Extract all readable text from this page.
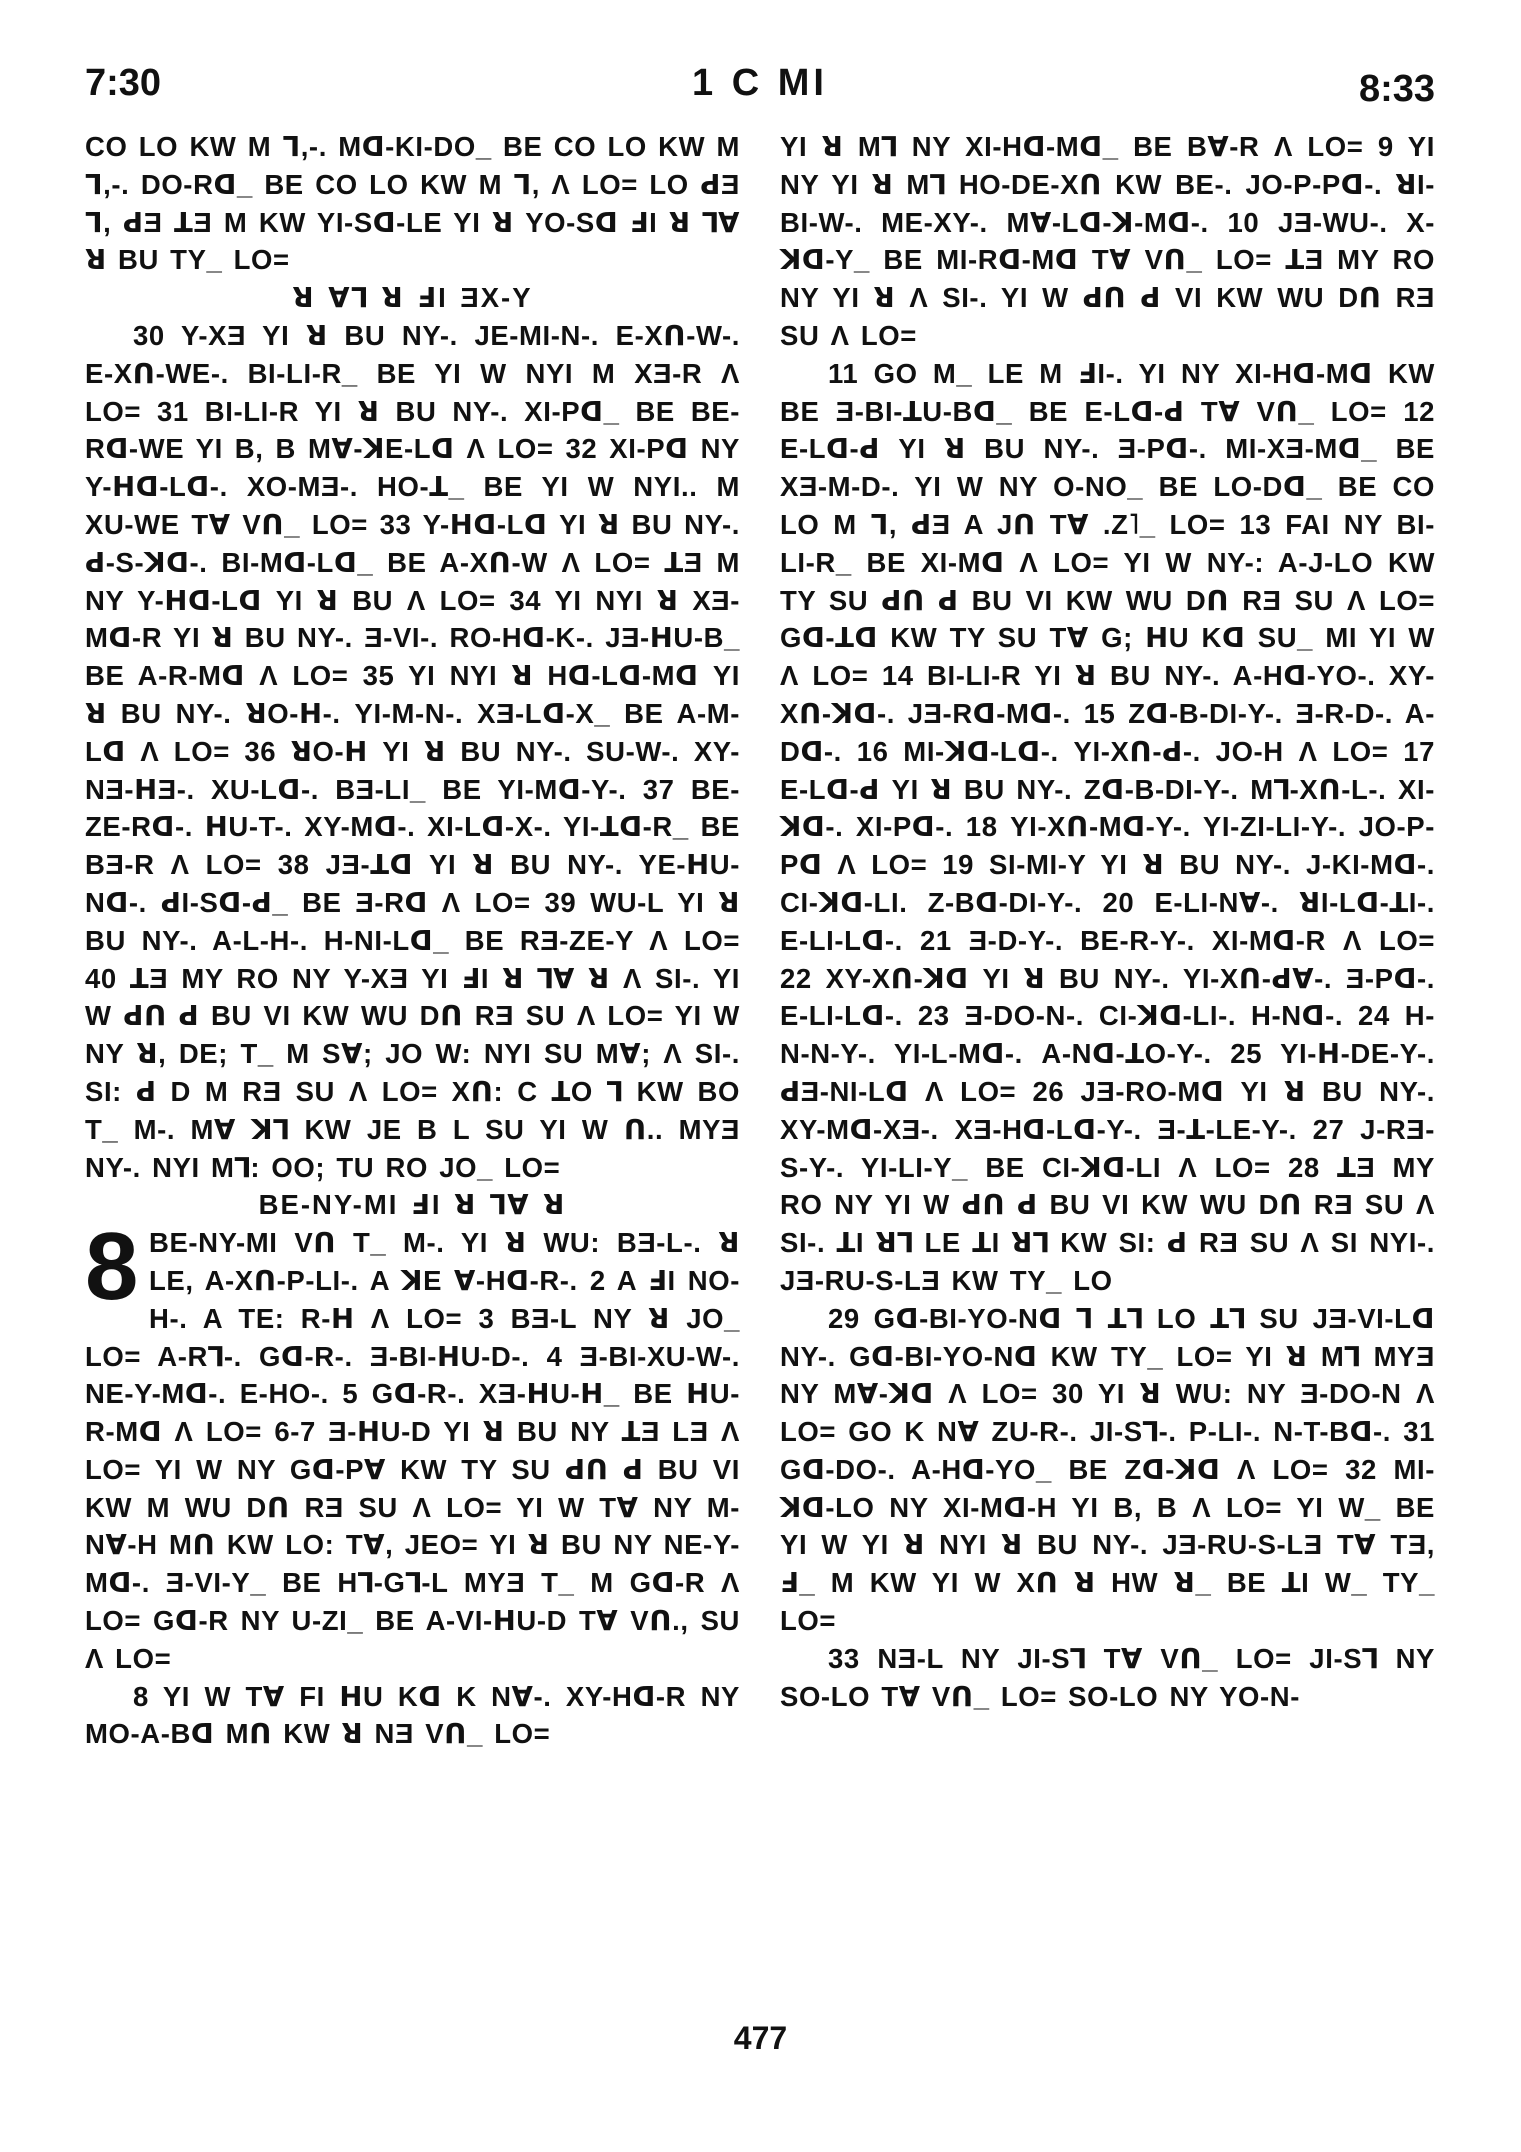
7:30	1 C MI	8:33

CO LO KW M Ꞁ,-. Mꓷ-KI-DO_ BE CO LO KW M Ꞁ,-. DO-Rꓷ_ BE CO LO KW M Ꞁ, Λ LO= LO ꓒƎ Ꞁ, ꓒƎ ꓕƎ M KW YI-Sꓷ-LE YI ꓤ YO-Sꓷ ꓞI ꓤ ꓶⱯ ꓤ BU TY_ LO=

ꓤ Ɐꓶ ꓤ ꓞI ƎX-Y

30 Y-XƎ YI ꓤ BU NY-. JE-MI-N-. E-Xꓵ-W-. E-Xꓵ-WE-. BI-LI-R_ BE YI W NYI M XƎ-R Λ LO= 31 BI-LI-R YI ꓤ BU NY-. XI-Pꓷ_ BE BE-Rꓷ-WE YI B, B MⱯ-ꓘE-Lꓷ Λ LO= 32 XI-Pꓷ NY Y-ꓧꓷ-Lꓷ-. XO-MƎ-. HO-ꓕ_ BE YI W NYI.. M XU-WE TⱯ Vꓵ_ LO= 33 Y-ꓧꓷ-Lꓷ YI ꓤ BU NY-. ꓒ-S-ꓘꓷ-. BI-Mꓷ-Lꓷ_ BE A-Xꓵ-W Λ LO= ꓕƎ M NY Y-ꓧꓷ-Lꓷ YI ꓤ BU Λ LO= 34 YI NYI ꓤ XƎ-Mꓷ-R YI ꓤ BU NY-. Ǝ-VI-. RO-Hꓷ-K-. JƎ-ꓧU-B_ BE A-R-Mꓷ Λ LO= 35 YI NYI ꓤ Hꓷ-Lꓷ-Mꓷ YI ꓤ BU NY-. ꓤO-ꓧ-. YI-M-N-. XƎ-Lꓷ-X_ BE A-M-Lꓷ Λ LO= 36 ꓤO-ꓧ YI ꓤ BU NY-. SU-W-. XY-NƎ-ꓧƎ-. XU-Lꓷ-. BƎ-LI_ BE YI-Mꓷ-Y-. 37 BE-ZE-Rꓷ-. ꓧU-T-. XY-Mꓷ-. XI-Lꓷ-X-. YI-ꓕꓷ-R_ BE BƎ-R Λ LO= 38 JƎ-ꓕꓷ YI ꓤ BU NY-. YE-ꓧU-Nꓷ-. ꓒI-Sꓷ-ꓒ_ BE Ǝ-Rꓷ Λ LO= 39 WU-L YI ꓤ BU NY-. A-L-H-. H-NI-Lꓷ_ BE RƎ-ZE-Y Λ LO= 40 ꓕƎ MY RO NY Y-XƎ YI ꓞI ꓤ ꓶⱯ ꓤ Λ SI-. YI W ꓒꓵ ꓒ BU VI KW WU Dꓵ RƎ SU Λ LO= YI W NY ꓤ, DE; T_ M SⱯ; JO W: NYI SU MⱯ; Λ SI-. SI: ꓒ D M RƎ SU Λ LO= Xꓵ: C ꓕO ꓶ KW BO T_ M-. MⱯ ꓘꓶ KW JE B L SU YI W ꓵ.. MYƎ NY-. NYI Mꓶ: OO; TU RO JO_ LO=

BE-NY-MI ꓞI ꓤ ꓶⱯ ꓤ

8 BE-NY-MI Vꓵ T_ M-. YI ꓤ WU: BƎ-L-. ꓤ LE, A-Xꓵ-P-LI-. A ꓘE Ɐ-Hꓷ-R-. 2 A ꓞI NO-H-. A TE: R-ꓧ Λ LO= 3 BƎ-L NY ꓤ JO_ LO= A-Rꓶ-. Gꓷ-R-. Ǝ-BI-ꓧU-D-. 4 Ǝ-BI-XU-W-. NE-Y-Mꓷ-. E-HO-. 5 Gꓷ-R-. XƎ-ꓧU-ꓧ_ BE ꓧU-R-Mꓷ Λ LO= 6-7 Ǝ-ꓧU-D YI ꓤ BU NY ꓕƎ LƎ Λ LO= YI W NY Gꓷ-PⱯ KW TY SU ꓒꓵ ꓒ BU VI KW M WU Dꓵ RƎ SU Λ LO= YI W TⱯ NY M-NⱯ-H Mꓵ KW LO: TⱯ, JEO= YI ꓤ BU NY NE-Y-Mꓷ-. Ǝ-VI-Y_ BE Hꓶ-Gꓶ-L MYƎ T_ M Gꓷ-R Λ LO= Gꓷ-R NY U-ZI_ BE A-VI-ꓧU-D TⱯ Vꓵ., SU Λ LO=

8 YI W TⱯ FI ꓧU Kꓷ K NⱯ-. XY-Hꓷ-R NY MO-A-Bꓷ Mꓵ KW ꓤ NƎ Vꓵ_ LO=

YI ꓤ Mꓶ NY XI-Hꓷ-Mꓷ_ BE BⱯ-R Λ LO= 9 YI NY YI ꓤ Mꓶ HO-DE-Xꓵ KW BE-. JO-P-Pꓷ-. ꓤI-BI-W-. ME-XY-. MⱯ-Lꓷ-ꓘ-Mꓷ-. 10 JƎ-WU-. X-ꓘꓷ-Y_ BE MI-Rꓷ-Mꓷ TⱯ Vꓵ_ LO= ꓕƎ MY RO NY YI ꓤ Λ SI-. YI W ꓒꓵ ꓒ VI KW WU Dꓵ RƎ SU Λ LO=

11 GO M_ LE M ꓞI-. YI NY XI-Hꓷ-Mꓷ KW BE Ǝ-BI-ꓕU-Bꓷ_ BE E-Lꓷ-ꓒ TⱯ Vꓵ_ LO= 12 E-Lꓷ-ꓒ YI ꓤ BU NY-. Ǝ-Pꓷ-. MI-XƎ-Mꓷ_ BE XƎ-M-D-. YI W NY O-NO_ BE LO-Dꓷ_ BE CO LO M Ꞁ, ꓒƎ A Jꓵ TⱯ .Z˥_ LO= 13 FAI NY BI-LI-R_ BE XI-Mꓷ Λ LO= YI W NY-: A-J-LO KW TY SU ꓒꓵ ꓒ BU VI KW WU Dꓵ RƎ SU Λ LO= Gꓷ-ꓕꓷ KW TY SU TⱯ G; ꓧU Kꓷ SU_ MI YI W Λ LO= 14 BI-LI-R YI ꓤ BU NY-. A-Hꓷ-YO-. XY-Xꓵ-ꓘꓷ-. JƎ-Rꓷ-Mꓷ-. 15 Zꓷ-B-DI-Y-. Ǝ-R-D-. A-Dꓷ-. 16 MI-ꓘꓷ-Lꓷ-. YI-Xꓵ-ꓒ-. JO-H Λ LO= 17 E-Lꓷ-ꓒ YI ꓤ BU NY-. Zꓷ-B-DI-Y-. Mꓶ-Xꓵ-L-. XI-ꓘꓷ-. XI-Pꓷ-. 18 YI-Xꓵ-Mꓷ-Y-. YI-ZI-LI-Y-. JO-P-Pꓷ Λ LO= 19 SI-MI-Y YI ꓤ BU NY-. J-KI-Mꓷ-. CI-ꓘꓷ-LI. Z-Bꓷ-DI-Y-. 20 E-LI-NⱯ-. ꓤI-Lꓷ-ꓕI-. E-LI-Lꓷ-. 21 Ǝ-D-Y-. BE-R-Y-. XI-Mꓷ-R Λ LO= 22 XY-Xꓵ-ꓘꓷ YI ꓤ BU NY-. YI-Xꓵ-ꓒⱯ-. Ǝ-Pꓷ-. E-LI-Lꓷ-. 23 Ǝ-DO-N-. CI-ꓘꓷ-LI-. H-Nꓷ-. 24 H-N-N-Y-. YI-L-Mꓷ-. A-Nꓷ-ꓕO-Y-. 25 YI-ꓧ-DE-Y-. ꓒƎ-NI-Lꓷ Λ LO= 26 JƎ-RO-Mꓷ YI ꓤ BU NY-. XY-Mꓷ-XƎ-. XƎ-Hꓷ-Lꓷ-Y-. Ǝ-ꓕ-LE-Y-. 27 J-RƎ-S-Y-. YI-LI-Y_ BE CI-ꓘꓷ-LI Λ LO= 28 ꓕƎ MY RO NY YI W ꓒꓵ ꓒ BU VI KW WU Dꓵ RƎ SU Λ SI-. ꓕI ꓤꓶ LE ꓕI ꓤꓶ KW SI: ꓒ RƎ SU Λ SI NYI-. JƎ-RU-S-LƎ KW TY_ LO

29 Gꓷ-BI-YO-Nꓷ Ꞁ ꓕꓶ LO ꓕꓶ SU JƎ-VI-Lꓷ NY-. Gꓷ-BI-YO-Nꓷ KW TY_ LO= YI ꓤ Mꓶ MYƎ NY MⱯ-ꓘꓷ Λ LO= 30 YI ꓤ WU: NY Ǝ-DO-N Λ LO= GO K NⱯ ZU-R-. JI-Sꓶ-. P-LI-. N-T-Bꓷ-. 31 Gꓷ-DO-. A-Hꓷ-YO_ BE Zꓷ-ꓘꓷ Λ LO= 32 MI-ꓘꓷ-LO NY XI-Mꓷ-H YI B, B Λ LO= YI W_ BE YI W YI ꓤ NYI ꓤ BU NY-. JƎ-RU-S-LƎ TⱯ TƎ, ꓞ_ M KW YI W Xꓵ ꓤ HW ꓤ_ BE ꓕI W_ TY_ LO=

33 NƎ-L NY JI-Sꓶ TⱯ Vꓵ_ LO= JI-Sꓶ NY SO-LO TⱯ Vꓵ_ LO= SO-LO NY YO-N-

477
